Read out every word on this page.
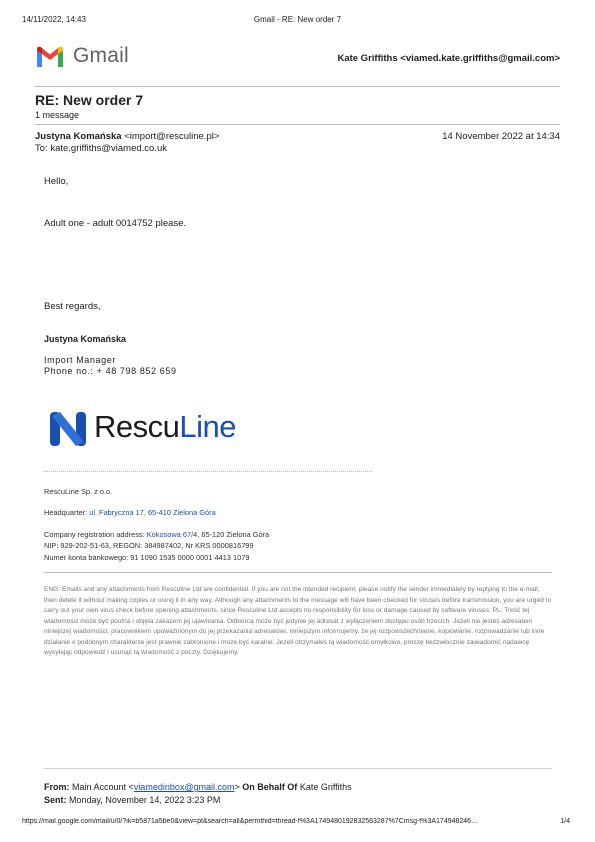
14/11/2022, 14:43	Gmail - RE: New order 7
Gmail	Kate Griffiths <viamed.kate.griffiths@gmail.com>
RE: New order 7
1 message
Justyna Komańska <import@resculine.pl>	14 November 2022 at 14:34
To: kate.griffiths@viamed.co.uk
Hello,
Adult one - adult 0014752 please.
Best regards,
Justyna Komańska
Import Manager
Phone no.: + 48 798 852 659
RescuLine
RescuLine Sp. z o.o.
Headquarter: ul. Fabryczna 17, 65-410 Zielona Góra
Company registration address: Kokosowa 67/4, 65-120 Zielona Góra
NIP: 929-202-51-63, REGON: 384987402, Nr KRS 0000816799
Numer konta bankowego: 91 1090 1535 0000 0001 4413 1079
ENG: Emails and any attachments from Resculine Ltd are confidential. If you are not the intended recipient, please notify the sender immediately by replying to the e-mail, then delete it without making copies or using it in any way. Although any attachments to the message will have been checked for viruses before transmission, you are urged to carry out your own virus check before opening attachments, since Resculine Ltd accepts no responsibility for loss or damage caused by software viruses. PL: Treść tej wiadomości może być poufna i objęta zakazem jej ujawniania. Odbiorcą może być jedynie jej adresat z wyłączeniem dostępu osób trzecich. Jeżeli nie jesteś adresatem niniejszej wiadomości, pracownikiem upoważnionym do jej przekazania adresatowi, niniejszym informujemy, że jej rozpowszechnianie, kopiowanie, rozpowadzanie lub inne działanie o podobnym charakterze jest prawnie zabronione i może być karalne. Jeżeli otrzymałeś tą wiadomość omyłkowo, proszę bezzwłocznie zawiadomić nadawcę wysyłając odpowiedź i usunąć tą wiadomość z poczty. Dziękujemy.
From: Main Account <viamedinbox@gmail.com> On Behalf Of Kate Griffiths
Sent: Monday, November 14, 2022 3:23 PM
https://mail.google.com/mail/u/0/?ik=b5871a5be0&view=pt&search=all&permthid=thread-f%3A1749480192832563287%7Cmsg-f%3A174948246…	1/4
